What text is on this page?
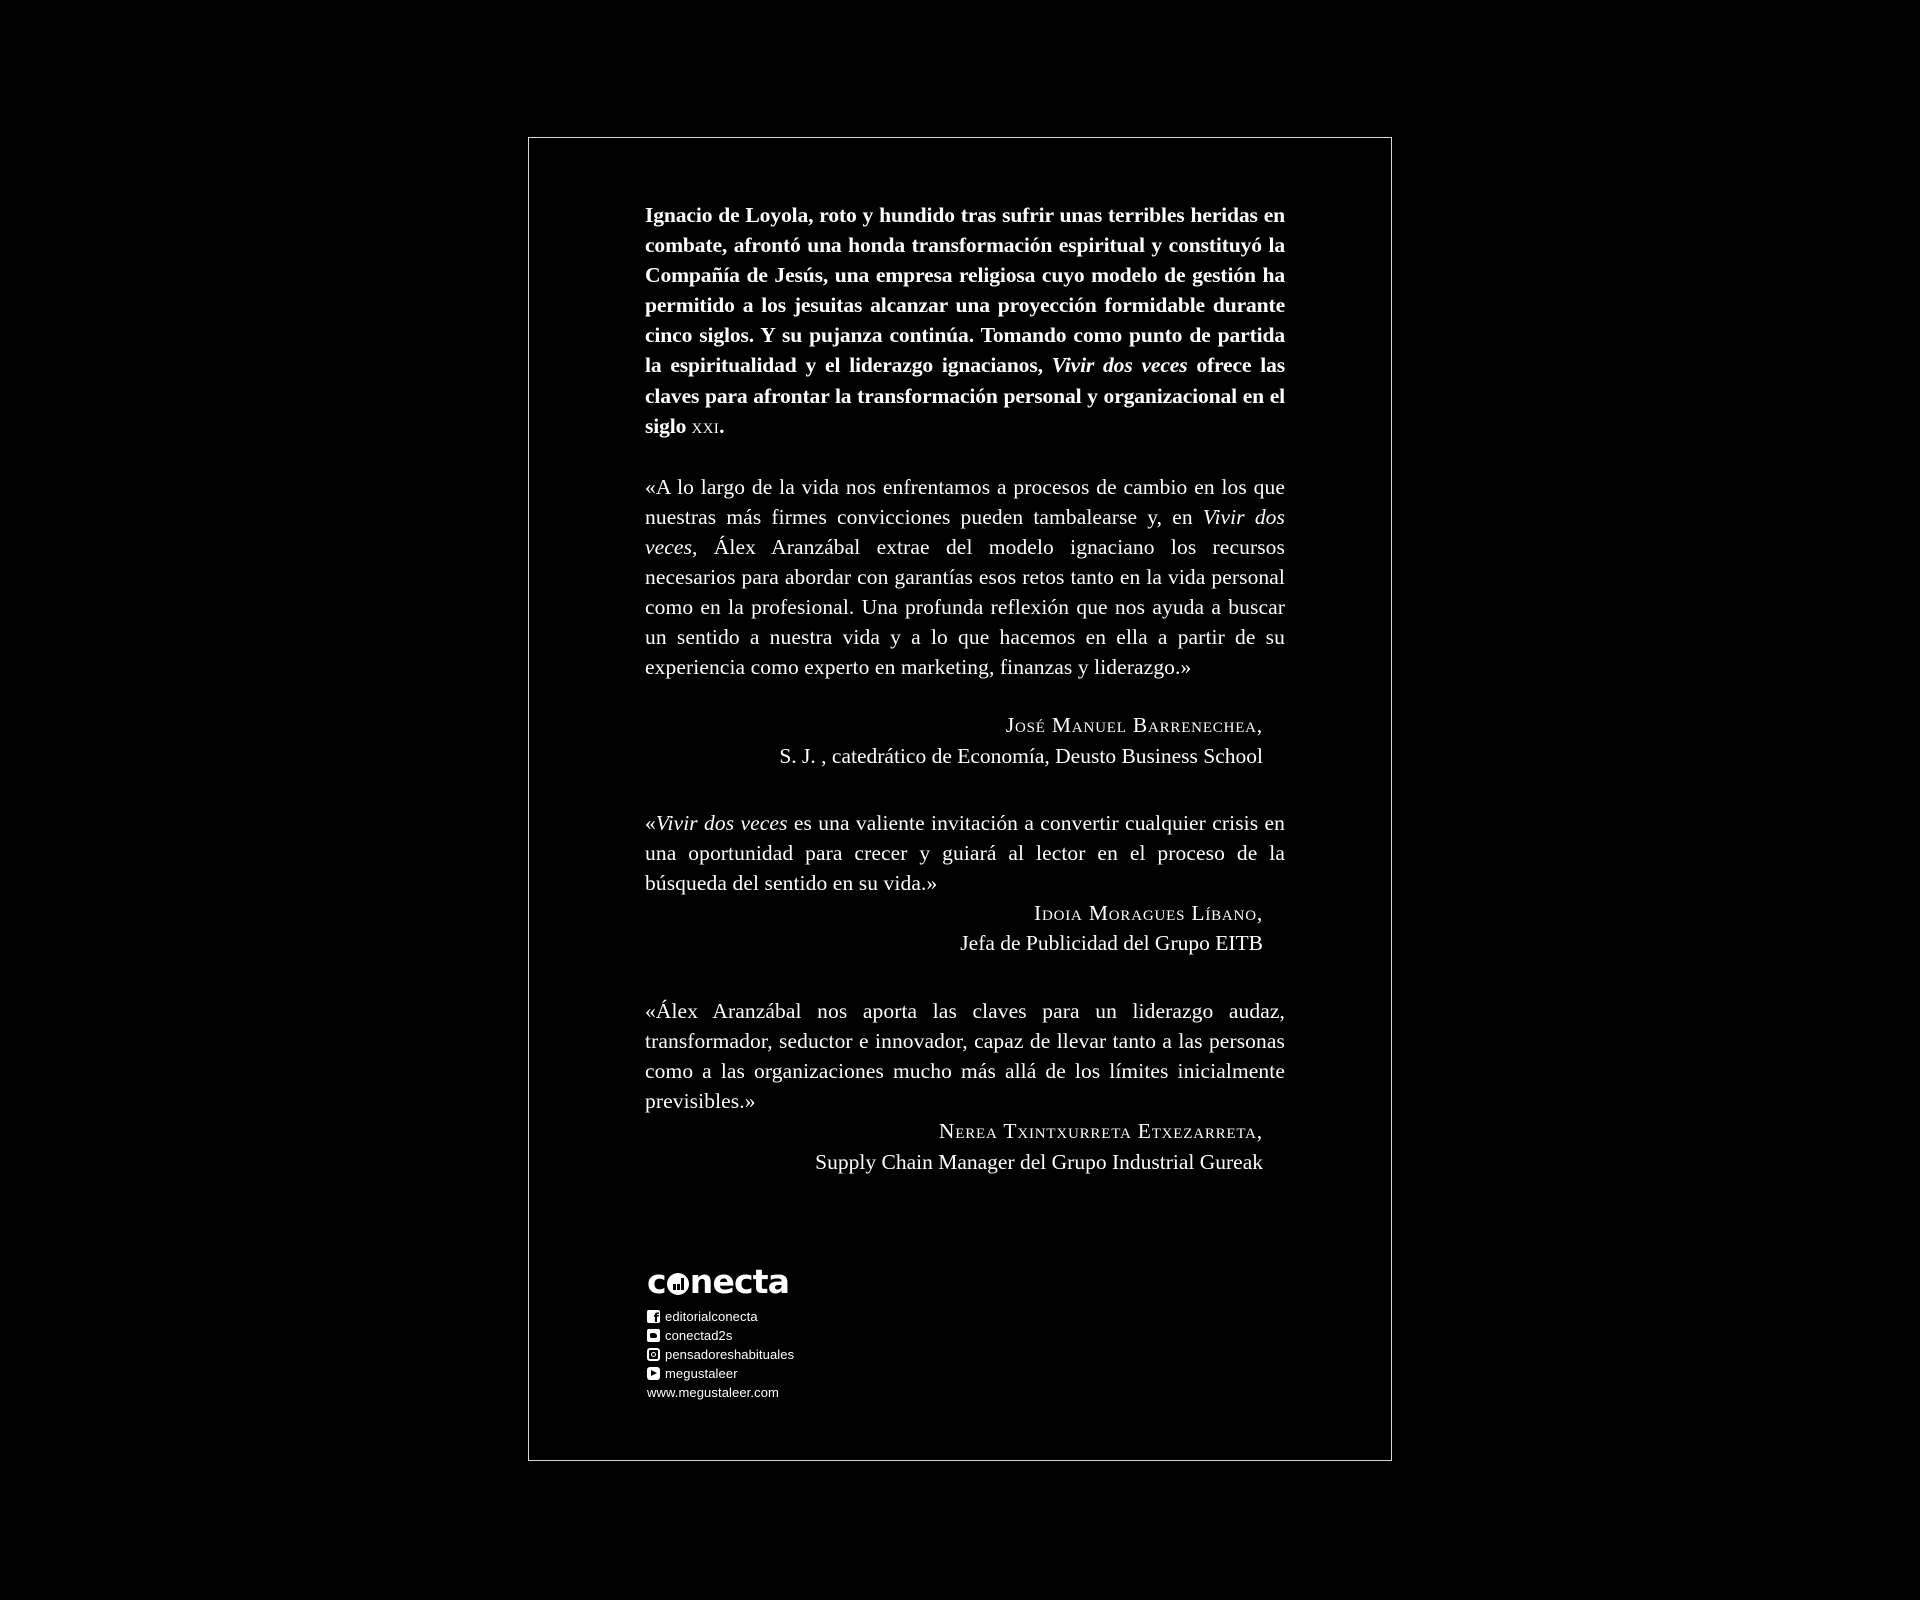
Ignacio de Loyola, roto y hundido tras sufrir unas terribles heridas en combate, afrontó una honda transformación espiritual y constituyó la Compañía de Jesús, una empresa religiosa cuyo modelo de gestión ha permitido a los jesuitas alcanzar una proyección formidable durante cinco siglos. Y su pujanza continúa. Tomando como punto de partida la espiritualidad y el liderazgo ignacianos, Vivir dos veces ofrece las claves para afrontar la transformación personal y organizacional en el siglo xxi.

«A lo largo de la vida nos enfrentamos a procesos de cambio en los que nuestras más firmes convicciones pueden tambalearse y, en Vivir dos veces, Álex Aranzábal extrae del modelo ignaciano los recursos necesarios para abordar con garantías esos retos tanto en la vida personal como en la profesional. Una profunda reflexión que nos ayuda a buscar un sentido a nuestra vida y a lo que hacemos en ella a partir de su experiencia como experto en marketing, finanzas y liderazgo.»

José Manuel Barrenechea,
S. J. , catedrático de Economía, Deusto Business School

«Vivir dos veces es una valiente invitación a convertir cualquier crisis en una oportunidad para crecer y guiará al lector en el proceso de la búsqueda del sentido en su vida.»

Idoia Moragues Líbano,
Jefa de Publicidad del Grupo EITB

«Álex Aranzábal nos aporta las claves para un liderazgo audaz, transformador, seductor e innovador, capaz de llevar tanto a las personas como a las organizaciones mucho más allá de los límites inicialmente previsibles.»

Nerea Txintxurreta Etxezarreta,
Supply Chain Manager del Grupo Industrial Gureak
c necta
f
editorialconecta
conectad2s
pensadoreshabituales
megustaleer
www.megustaleer.com
